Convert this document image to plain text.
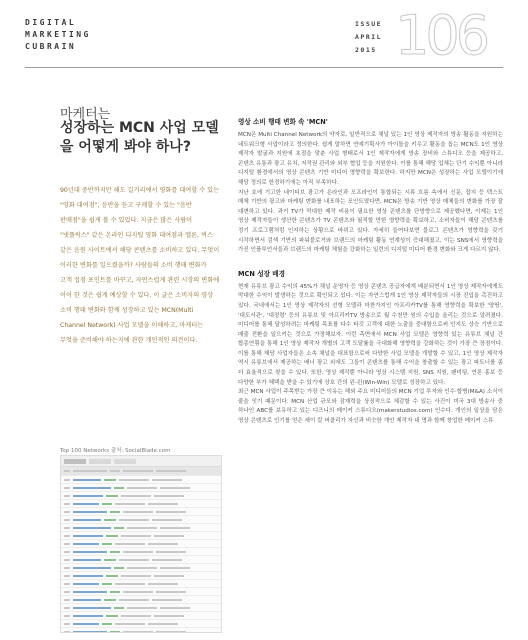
DIGITAL
MARKETING
CUBRAIN
ISSUE
APRIL
2015 106
마케터는
성장하는 MCN 사업 모델을 어떻게 봐야 하나?
90년대 중반까지만 해도 길거리에서 영화를 대여할 수 있는 "영화 대여점", 음반을 듣고 구매할 수 있는 "음반 판매점"을 쉽게 볼 수 있었다. 지금은 많은 사람이 "넷플릭스" 같은 온라인 디지털 영화 대여점과 멜론, 벅스 같은 음원 사이트에서 해당 콘텐츠를 소비하고 있다. 무엇이 이러한 변화를 일으켰을까? 사람들의 소비 행태 변화가 고객 접점 포인트를 바꾸고, 자연스럽게 관련 시장의 변화에 이어 한 것은 쉽게 예상할 수 있다. 이 글은 소비자의 영상 소비 행태 변화와 함께 성장하고 있는 MCN(Multi Channel Network) 사업 모델을 이해하고, 마케터는 무엇을 준비해야 하는지에 관한 개인적인 의견이다.
Top 100 Networks 출처: SocialBlade.com
영상 소비 행태 변화 속 'MCN'

MCN은 Multi Channel Network의 약자로, 일반적으로 채널 있는 1인 영상 제작자의 방송 활동을 지원하는 네트워크형 사업이라고 정의한다. 쉽게 말하면 연예기획사가 아이돌을 키우고 활동을 돕는 MCN도 1인 영상 제작자 발굴과 지원에 초점을 맞춘 사업 형태로서 1인 제작자에게 방송 장비와 스튜디오 등을 제공하고, 콘텐츠 유통과 광고 유치, 저작권 관리와 외부 협업 등을 지원한다. 이를 통해 해당 업체는 단기 수익뿐 아니라 디지털 환경에서의 영상 콘텐츠 기반 미디어 영향력을 확보한다. 하지만 MCN은 성장하는 사업 모델이기에 해당 정의로 한정하기에는 아직 부족하다.

지난 호에 기고한 네이티브 광고가 온라인과 오프라인이 통합되는 시류 흐름 속에서 신문, 잡지 등 텍스트 매체 기반의 광고와 마케팅 변화를 내포하는 포인트였다면, MCN은 방송 기반 영상 매체들의 변화를 가장 잘 대변하고 있다. 과거 TV가 막대한 제작 비용이 필요한 영상 콘텐츠를 단방향으로 제공했다면, 이제는 1인 영상 제작자들이 생산한 콘텐츠가 TV 콘텐츠와 필적할 만한 영향력을 확보하고, 소비자들이 해당 콘텐츠를 정기 프로그램처럼 인지하는 상황으로 바뀌고 있다. 자세히 들여다보면 블로그 콘텐츠가 영향력을 갖기 시작하면서 검색 기반의 파워블로거와 브랜드의 마케팅 활동 연계성이 증대해졌고, 이는 SNS에서 영향력을 가진 인플루언서들과 브랜드의 마케팅 체험을 강화하는 일련의 디지털 미디어 환경 변화와 크게 다르지 않다.

MCN 성장 배경

현재 유튜브 광고 수익의 45%가 채널 운영자 등 영상 콘텐츠 공급자에게 배분되면서 1인 영상 제작자에게도 막대한 수익이 발생하는 것으로 확인되고 있다. 이는 자연스럽게 1인 영상 제작자들의 시장 진입을 촉진하고 있다. 국내에서는 1인 영상 제작자의 선형 모델과 마찬가지인 아프리카TV를 통해 영향력을 확보한 '양띵', '대도서관', '대정령' 등의 유튜브 및 아프리카TV 방송으로 월 수천만 원의 수입을 올리는 것으로 알려졌다. 미디어를 통해 달성하려는 마케팅 목표를 다수 타깃 고객에 대한 노출을 중대함으로써 인지도 상승 기반으로 매출 전환을 일으키는 것으로 가정해보자. 이런 측면에서 MCN 사업 모델은 영향력 있는 유튜브 채널 간 합종연횡을 통해 1인 영상 제작자 개별의 고객 도달률을 극대화해 영향력을 강화하는 것이 가장 큰 장점이다. 이를 통해 해당 사업자들은 소속 채널을 대표함으로써 다양한 사업 모델을 개발할 수 있고, 1인 영상 제작자 역시 유튜브에서 제공하는 배너 광고 외에도 그들이 콘텐츠를 통해 수익을 창출할 수 있는 광고 파트너를 좀 더 효율적으로 찾을 수 있다. 또한, 영상 제작뿐 아니라 영상 시스템 지원, SNS 지원, 팬미팅, 연론 홍보 등 다양한 부가 혜택을 받을 수 있기에 상호 간의 윈-윈(Win-Win) 모델로 성장하고 있다.

최근 MCN 사업이 주목받는 가장 큰 이유는 해외 주요 미디어들의 MCN 기업 투자와 인수·합병(M&A) 소식이 줄을 잇기 때문이다. MCN 산업 규모와 잠재력을 상징적으로 체감할 수 있는 사건이 미국 3대 방송사 중 하나인 ABC를 보유하고 있는 디즈니의 메이커 스튜디오(makerstudios.com) 인수다. 개인의 일상을 담은 영상 콘텐츠로 인기를 얻은 세이 칼 버클리가 자신과 비슷한 개인 제작자 네 명과 함께 창업한 메이커 스튜
